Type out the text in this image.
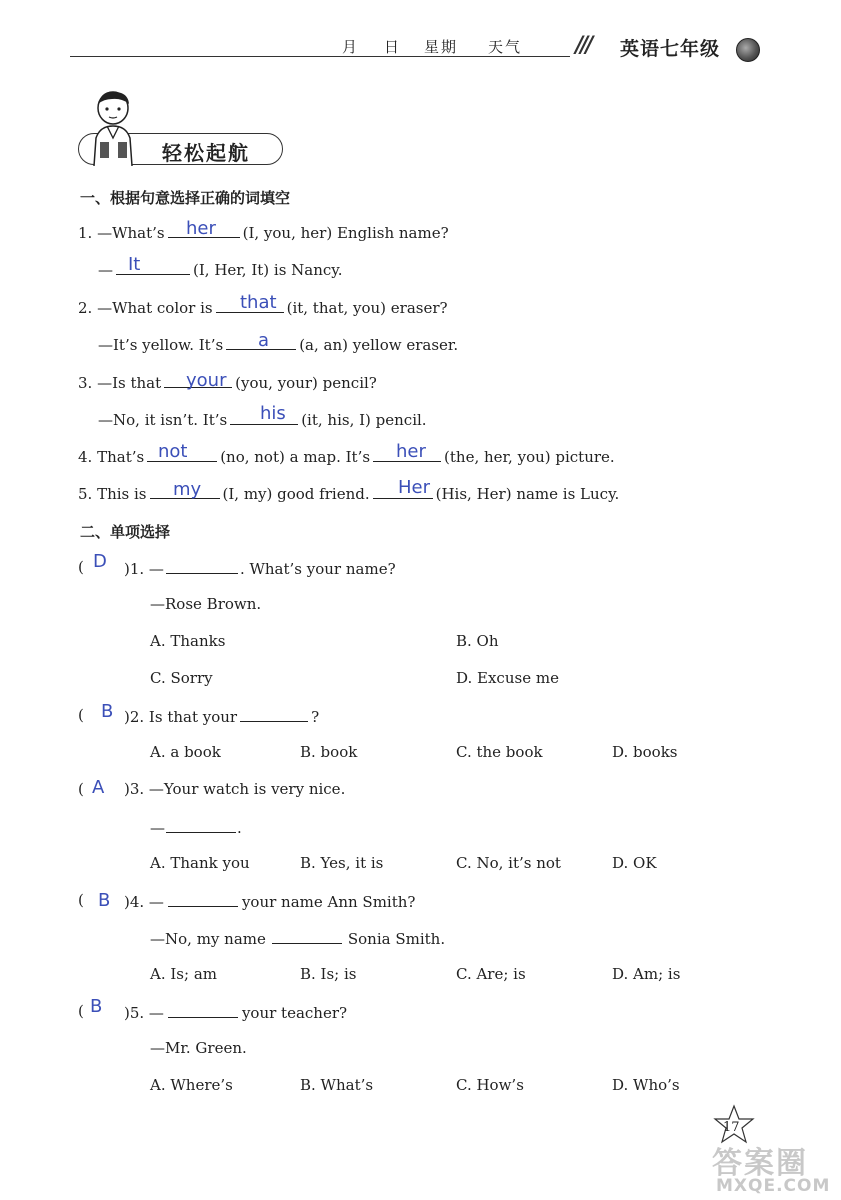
月 日 星期 天气 /// 英语七年级
轻松起航
一、根据句意选择正确的词填空
1. —What’s	(I, you, her) English name?
her
—	(I, Her, It) is Nancy.
It
2. —What color is	(it, that, you) eraser?
that
—It’s yellow. It’s	(a, an) yellow eraser.
a
3. —Is that	(you, your) pencil?
your
—No, it isn’t. It’s	(it, his, I) pencil.
his
4. That’s	(no, not) a map. It’s	(the, her, you) picture.
not	her
5. This is	(I, my) good friend.	(His, Her) name is Lucy.
my	Her
二、单项选择
( D )1. —	. What’s your name?
—Rose Brown.
A. Thanks	B. Oh
C. Sorry	D. Excuse me
( B )2. Is that your	?
A. a book	B. book	C. the book	D. books
( A )3. —Your watch is very nice.
—	.
A. Thank you	B. Yes, it is	C. No, it’s not	D. OK
( B )4. —	your name Ann Smith?
—No, my name	Sonia Smith.
A. Is; am	B. Is; is	C. Are; is	D. Am; is
( B )5. —	your teacher?
—Mr. Green.
A. Where’s	B. What’s	C. How’s	D. Who’s
17
答案圈
MXQE.COM
